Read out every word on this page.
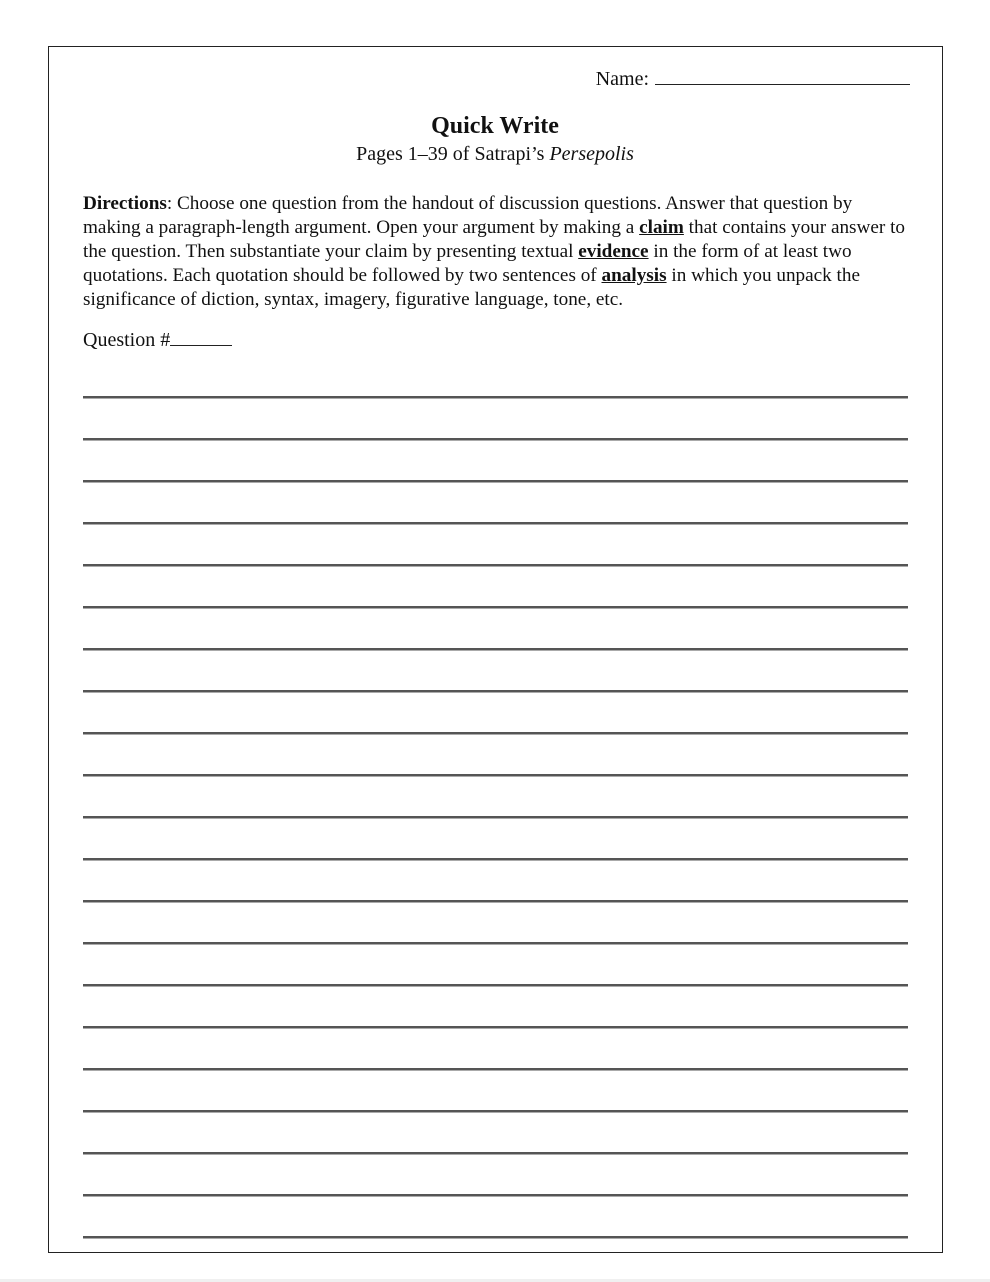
Name:
Quick Write
Pages 1–39 of Satrapi’s Persepolis
Directions: Choose one question from the handout of discussion questions. Answer that question by making a paragraph-length argument. Open your argument by making a claim that contains your answer to the question. Then substantiate your claim by presenting textual evidence in the form of at least two quotations. Each quotation should be followed by two sentences of analysis in which you unpack the significance of diction, syntax, imagery, figurative language, tone, etc.
Question #
